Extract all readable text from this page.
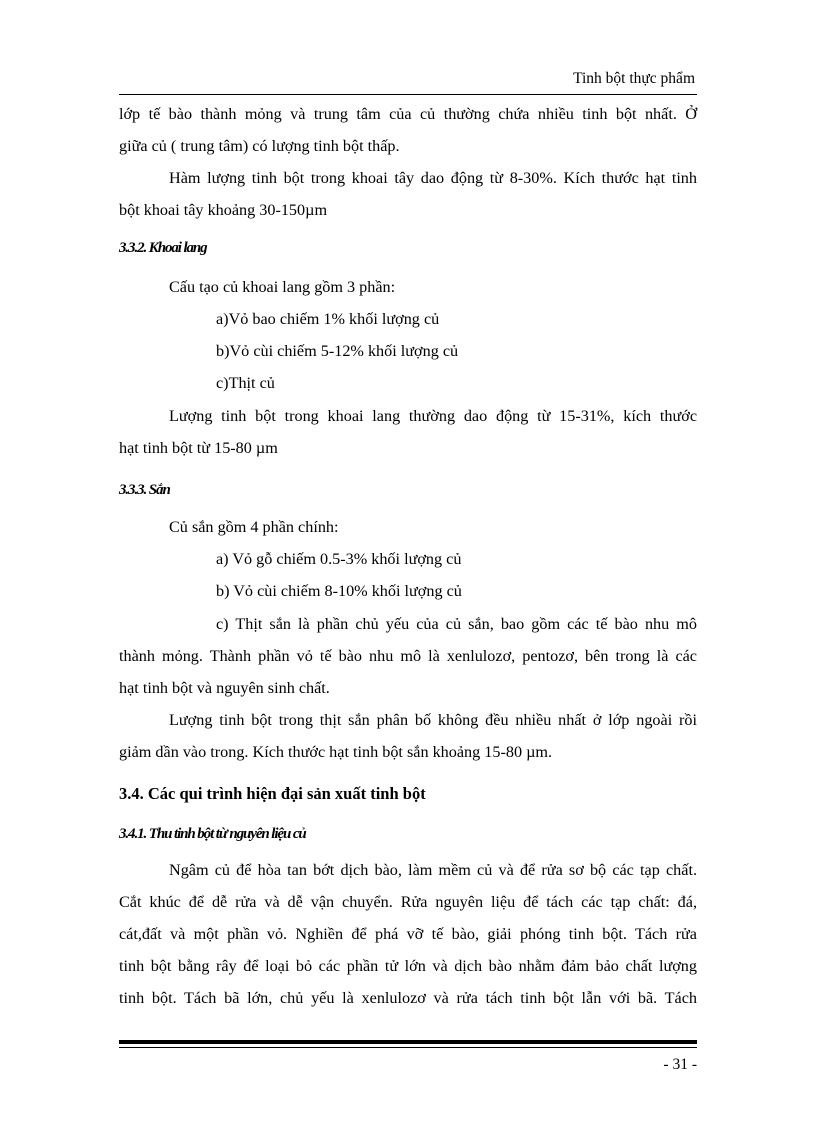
Tinh bột thực phẩm
lớp tế bào thành mỏng và trung tâm của củ thường chứa nhiều tinh bột nhất. Ở
giữa củ ( trung tâm) có lượng tinh bột thấp.
Hàm lượng tinh bột trong khoai tây dao động từ 8-30%. Kích thước hạt tinh
bột khoai tây khoảng 30-150µm
3.3.2. Khoai lang
Cấu tạo củ khoai lang gồm 3 phần:
a)Vỏ bao chiếm 1% khối lượng củ
b)Vỏ cùi chiếm 5-12% khối lượng củ
c)Thịt củ
Lượng tinh bột trong khoai lang thường dao động từ 15-31%, kích thước
hạt tinh bột từ 15-80 µm
3.3.3. Sắn
Củ sắn gồm 4 phần chính:
a) Vỏ gỗ chiếm 0.5-3% khối lượng củ
b) Vỏ cùi chiếm 8-10% khối lượng củ
c) Thịt sắn là phần chủ yếu của củ sắn, bao gồm các tế bào nhu mô
thành mỏng. Thành phần vỏ tế bào nhu mô là xenlulozơ, pentozơ, bên trong là các
hạt tinh bột và nguyên sinh chất.
Lượng tinh bột trong thịt sắn phân bố không đều nhiều nhất ở lớp ngoài rồi
giảm dần vào trong. Kích thước hạt tinh bột sắn khoảng 15-80 µm.
3.4. Các qui trình hiện đại sản xuất tinh bột
3.4.1. Thu tinh bột từ nguyên liệu củ
Ngâm củ để hòa tan bớt dịch bào, làm mềm củ và để rửa sơ bộ các tạp chất.
Cắt khúc để dễ rửa và dễ vận chuyển. Rửa nguyên liệu để tách các tạp chất: đá,
cát,đất và một phần vỏ. Nghiền để phá vỡ tế bào, giải phóng tinh bột. Tách rửa
tinh bột bằng rây để loại bỏ các phần tử lớn và dịch bào nhằm đảm bảo chất lượng
tinh bột. Tách bã lớn, chủ yếu là xenlulozơ và rửa tách tinh bột lẫn với bã. Tách
- 31 -
